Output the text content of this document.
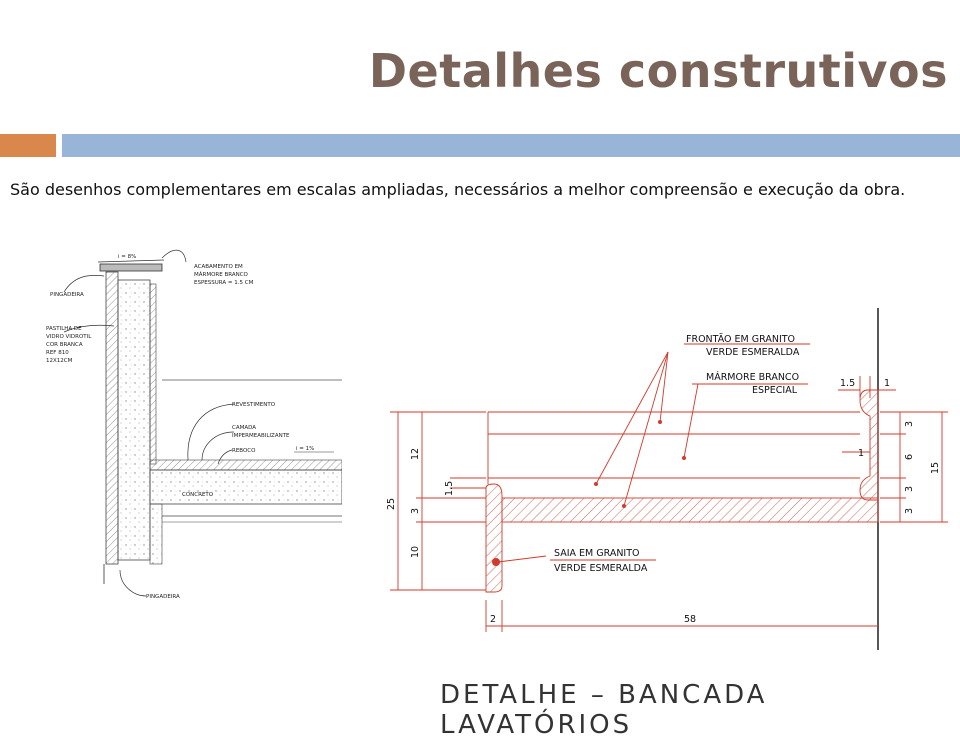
Detalhes construtivos

São desenhos complementares em escalas ampliadas, necessários a melhor compreensão e execução da obra.

i = 8%
ACABAMENTO EM
MÁRMORE BRANCO
ESPESSURA = 1.5 CM
PINGADEIRA
PASTILHA DE
VIDRO VIDROTIL
COR BRANCA
REF 810
12X12CM
REVESTIMENTO
CAMADA
IMPERMEABILIZANTE
REBOCO	i = 1%
CONCRETO
PINGADEIRA
FRONTÃO EM GRANITO
VERDE ESMERALDA
MÁRMORE BRANCO
ESPECIAL
SAIA EM GRANITO
VERDE ESMERALDA
1.5	1
1
3
6
3
3
15
12
25
1.5
3
10
2	58
DETALHE – BANCADA LAVATÓRIOS
